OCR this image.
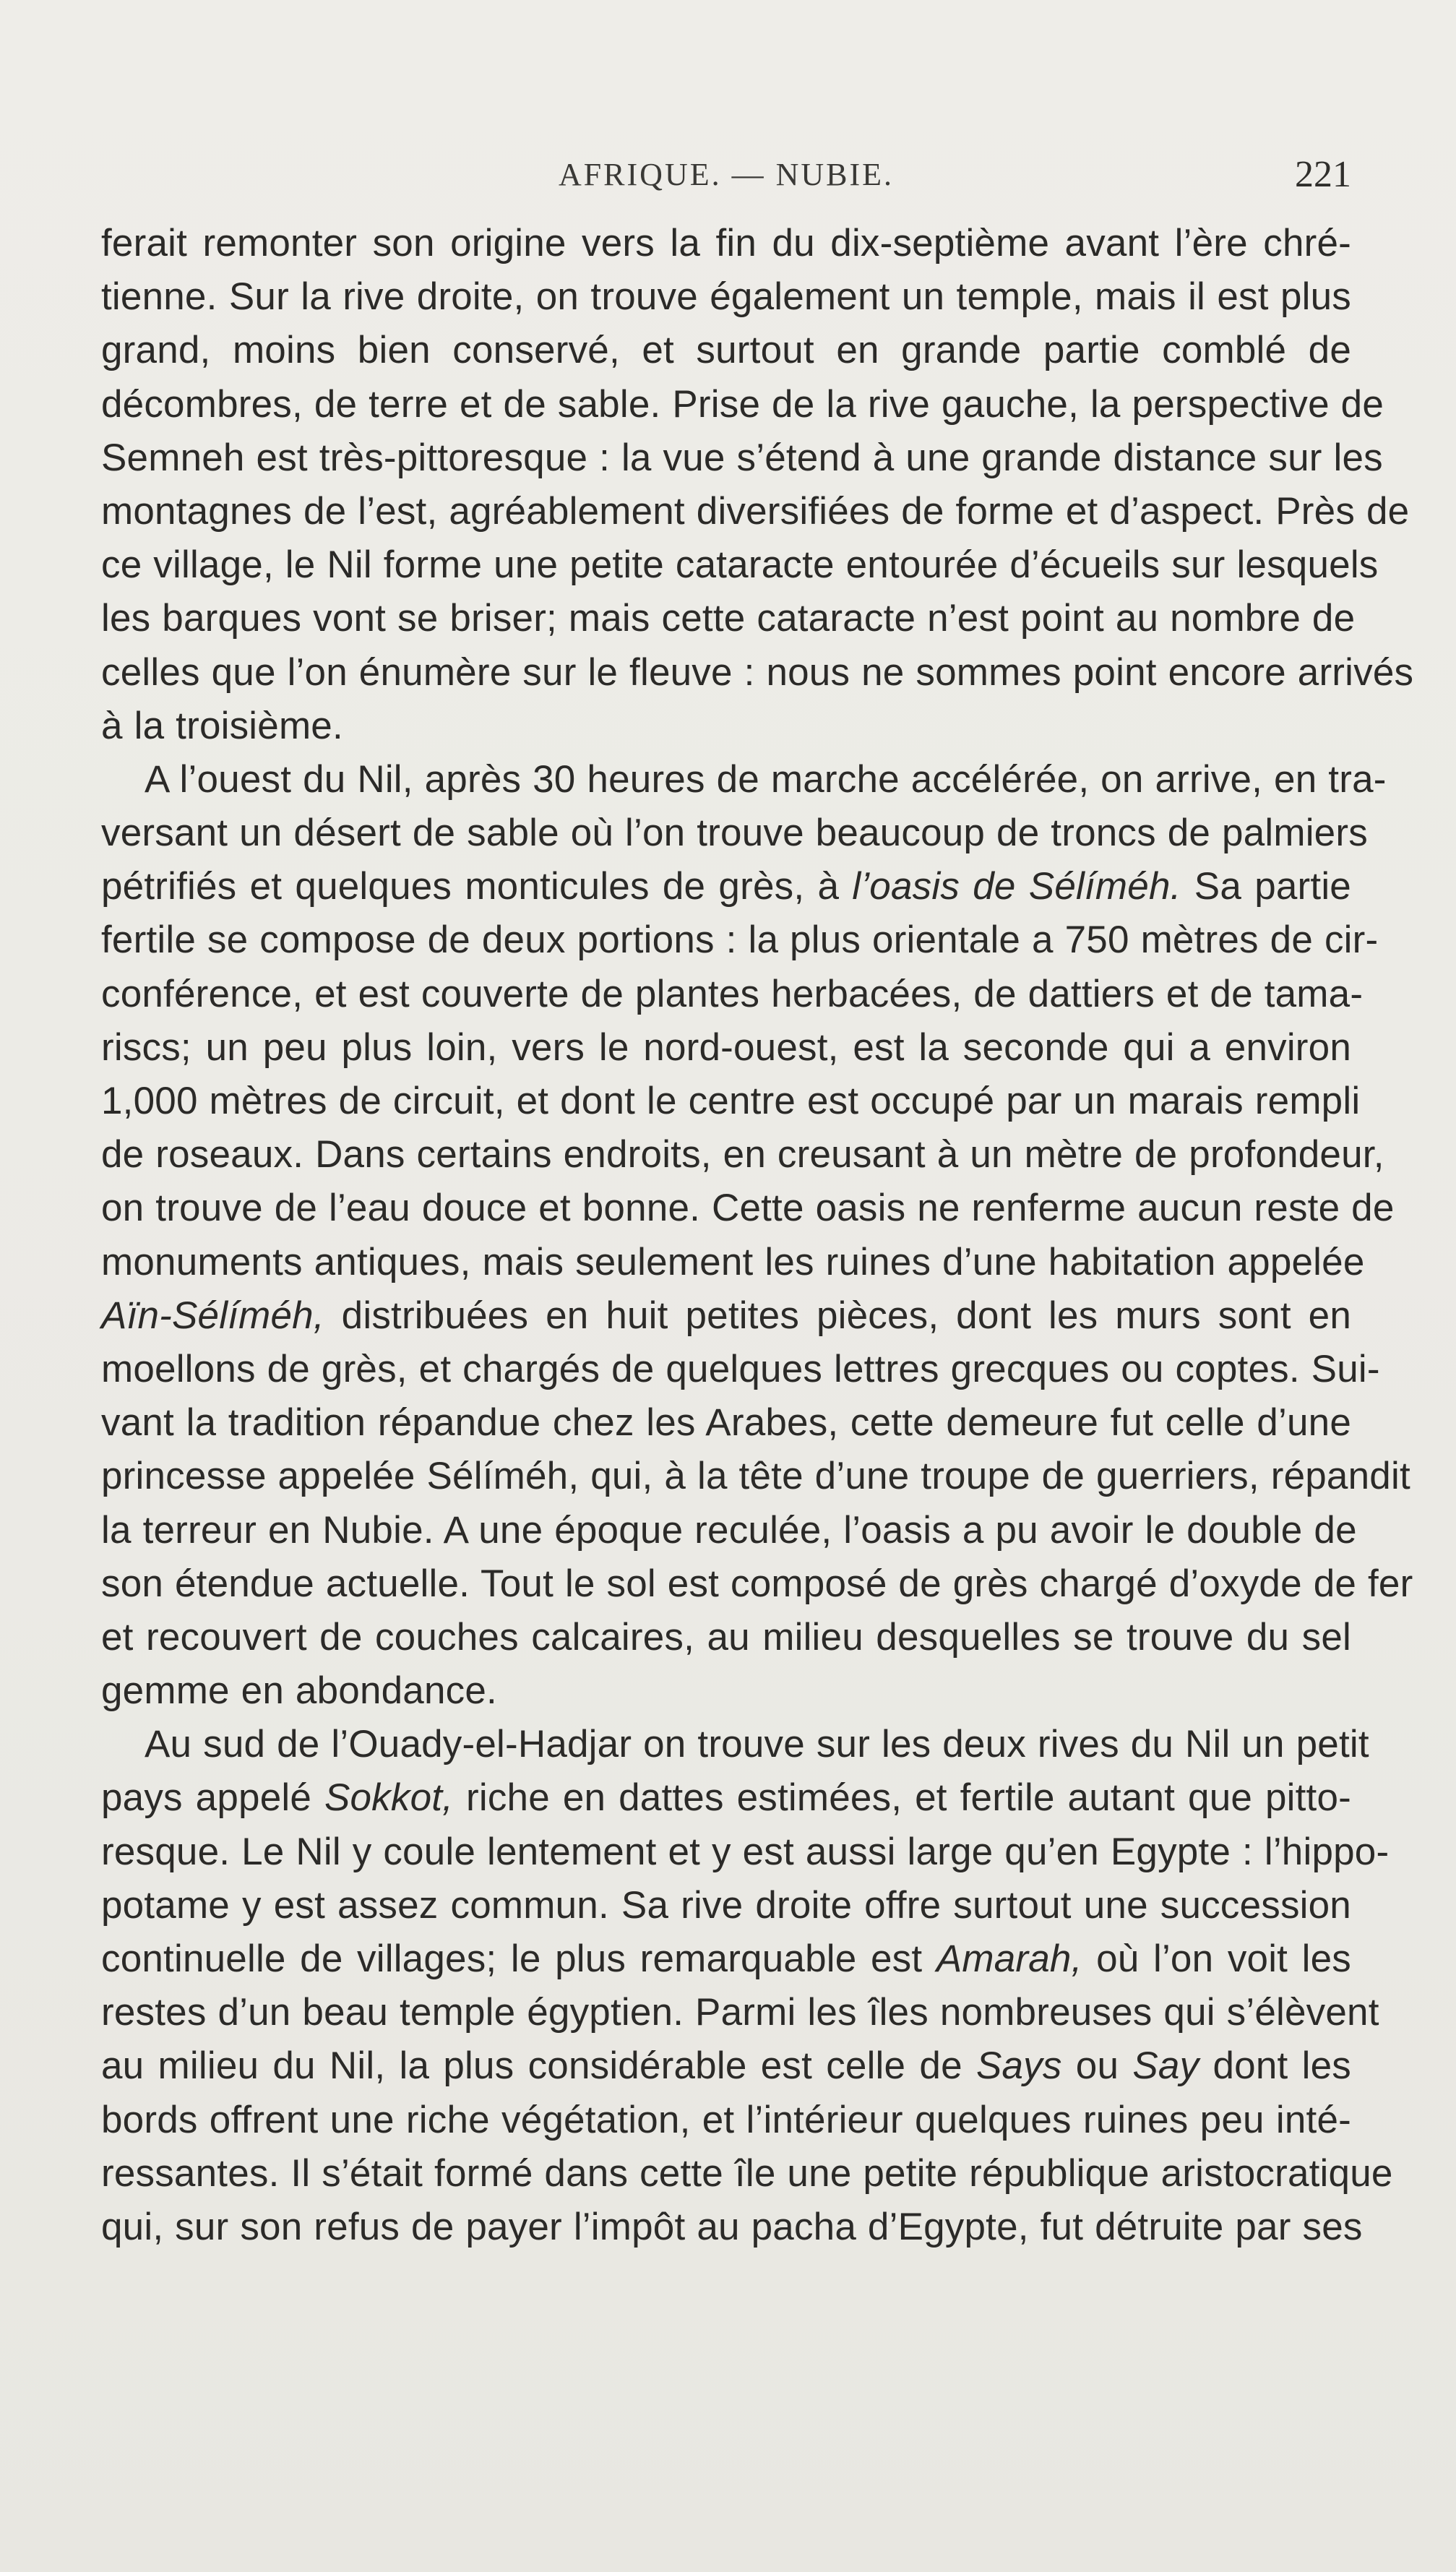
AFRIQUE. — NUBIE.	221

ferait remonter son origine vers la fin du dix-septième avant l’ère chré-
tienne. Sur la rive droite, on trouve également un temple, mais il est plus
grand, moins bien conservé, et surtout en grande partie comblé de
décombres, de terre et de sable. Prise de la rive gauche, la perspective de
Semneh est très-pittoresque : la vue s’étend à une grande distance sur les
montagnes de l’est, agréablement diversifiées de forme et d’aspect. Près de
ce village, le Nil forme une petite cataracte entourée d’écueils sur lesquels
les barques vont se briser; mais cette cataracte n’est point au nombre de
celles que l’on énumère sur le fleuve : nous ne sommes point encore arrivés
à la troisième.
A l’ouest du Nil, après 30 heures de marche accélérée, on arrive, en tra-
versant un désert de sable où l’on trouve beaucoup de troncs de palmiers
pétrifiés et quelques monticules de grès, à l’oasis de Sélíméh. Sa partie
fertile se compose de deux portions : la plus orientale a 750 mètres de cir-
conférence, et est couverte de plantes herbacées, de dattiers et de tama-
riscs; un peu plus loin, vers le nord-ouest, est la seconde qui a environ
1,000 mètres de circuit, et dont le centre est occupé par un marais rempli
de roseaux. Dans certains endroits, en creusant à un mètre de profondeur,
on trouve de l’eau douce et bonne. Cette oasis ne renferme aucun reste de
monuments antiques, mais seulement les ruines d’une habitation appelée
Aïn-Sélíméh, distribuées en huit petites pièces, dont les murs sont en
moellons de grès, et chargés de quelques lettres grecques ou coptes. Sui-
vant la tradition répandue chez les Arabes, cette demeure fut celle d’une
princesse appelée Sélíméh, qui, à la tête d’une troupe de guerriers, répandit
la terreur en Nubie. A une époque reculée, l’oasis a pu avoir le double de
son étendue actuelle. Tout le sol est composé de grès chargé d’oxyde de fer
et recouvert de couches calcaires, au milieu desquelles se trouve du sel
gemme en abondance.
Au sud de l’Ouady-el-Hadjar on trouve sur les deux rives du Nil un petit
pays appelé Sokkot, riche en dattes estimées, et fertile autant que pitto-
resque. Le Nil y coule lentement et y est aussi large qu’en Egypte : l’hippo-
potame y est assez commun. Sa rive droite offre surtout une succession
continuelle de villages; le plus remarquable est Amarah, où l’on voit les
restes d’un beau temple égyptien. Parmi les îles nombreuses qui s’élèvent
au milieu du Nil, la plus considérable est celle de Says ou Say dont les
bords offrent une riche végétation, et l’intérieur quelques ruines peu inté-
ressantes. Il s’était formé dans cette île une petite république aristocratique
qui, sur son refus de payer l’impôt au pacha d’Egypte, fut détruite par ses
